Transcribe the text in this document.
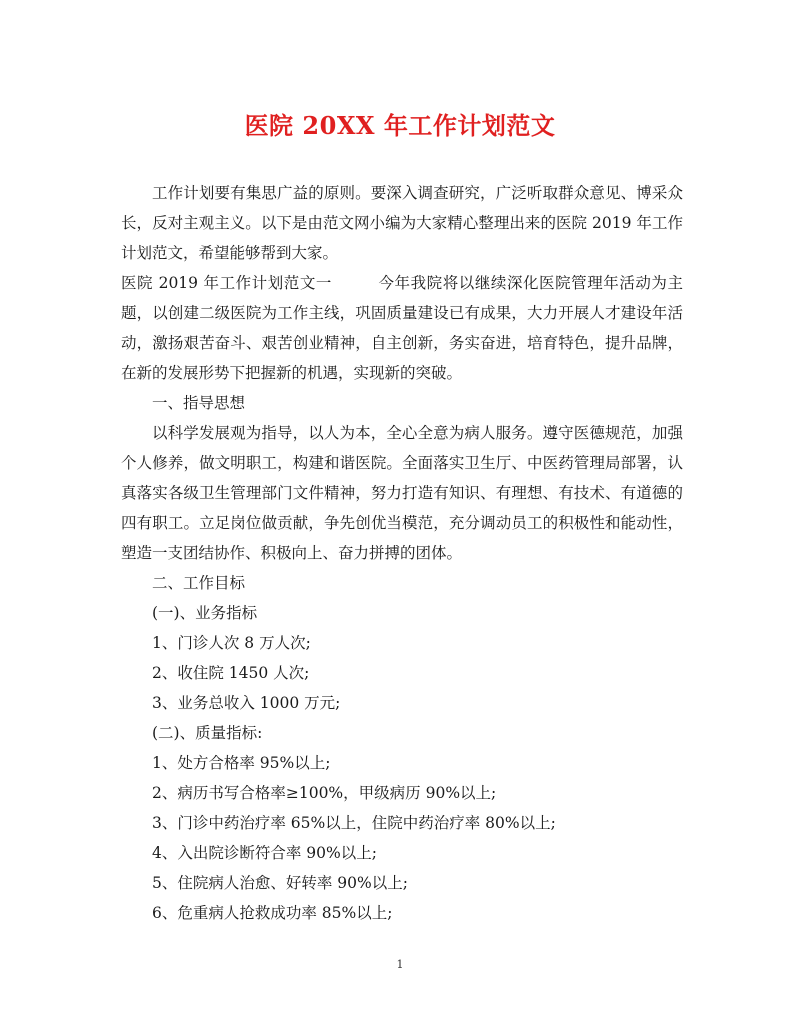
医院 20XX 年工作计划范文

工作计划要有集思广益的原则。要深入调查研究，广泛听取群众意见、博采众长，反对主观主义。以下是由范文网小编为大家精心整理出来的医院 2019 年工作计划范文，希望能够帮到大家。

医院 2019 年工作计划范文一	今年我院将以继续深化医院管理年活动为主题，以创建二级医院为工作主线，巩固质量建设已有成果，大力开展人才建设年活动，激扬艰苦奋斗、艰苦创业精神，自主创新，务实奋进，培育特色，提升品牌，在新的发展形势下把握新的机遇，实现新的突破。

一、指导思想

以科学发展观为指导，以人为本，全心全意为病人服务。遵守医德规范，加强个人修养，做文明职工，构建和谐医院。全面落实卫生厅、中医药管理局部署，认真落实各级卫生管理部门文件精神，努力打造有知识、有理想、有技术、有道德的四有职工。立足岗位做贡献，争先创优当模范，充分调动员工的积极性和能动性，塑造一支团结协作、积极向上、奋力拼搏的团体。

二、工作目标

(一)、业务指标

1、门诊人次 8 万人次;

2、收住院 1450 人次;

3、业务总收入 1000 万元;

(二)、质量指标:

1、处方合格率 95%以上;

2、病历书写合格率≥100%，甲级病历 90%以上;

3、门诊中药治疗率 65%以上，住院中药治疗率 80%以上;

4、入出院诊断符合率 90%以上;

5、住院病人治愈、好转率 90%以上;

6、危重病人抢救成功率 85%以上;

1
